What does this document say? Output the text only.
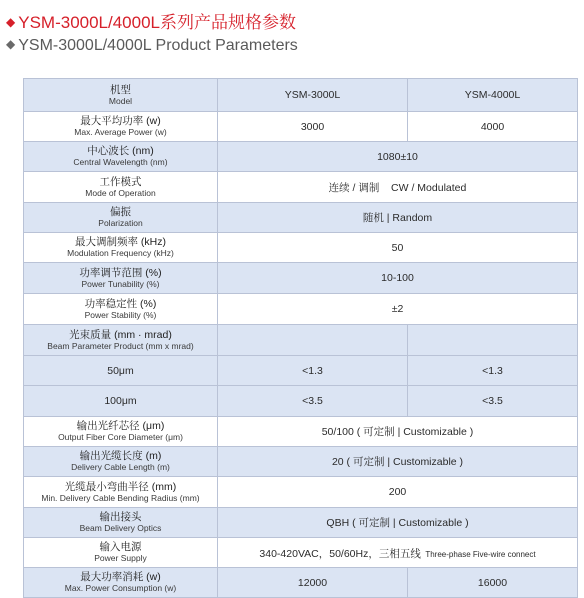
◆ YSM-3000L/4000L系列产品规格参数
◆ YSM-3000L/4000L Product Parameters
机型
Model	YSM-3000L	YSM-4000L

最大平均功率 (w)
Max. Average Power (w)	3000	4000

中心波长 (nm)
Central Wavelength (nm)	1080±10	

工作模式
Mode of Operation	连续 / 调制    CW / Modulated	

偏振
Polarization	随机 | Random	

最大调制频率 (kHz)
Modulation Frequency (kHz)	50	

功率调节范围 (%)
Power Tunability (%)	10-100	

功率稳定性 (%)
Power Stability (%)	±2	

光束质量 (mm · mrad)
Beam Parameter Product (mm x mrad)		

50μm	<1.3	<1.3
100μm	<3.5	<3.5

输出光纤芯径 (μm)
Output Fiber Core Diameter (μm)	50/100 ( 可定制 | Customizable )	

输出光缆长度 (m)
Delivery Cable Length (m)	20 ( 可定制 | Customizable )	

光缆最小弯曲半径 (mm)
Min. Delivery Cable Bending Radius (mm)	200	

输出接头
Beam Delivery Optics	QBH ( 可定制 | Customizable )	

输入电源
Power Supply	340-420VAC，50/60Hz，三相五线 Three-phase Five-wire connect	

最大功率消耗 (w)
Max. Power Consumption (w)	12000	16000
